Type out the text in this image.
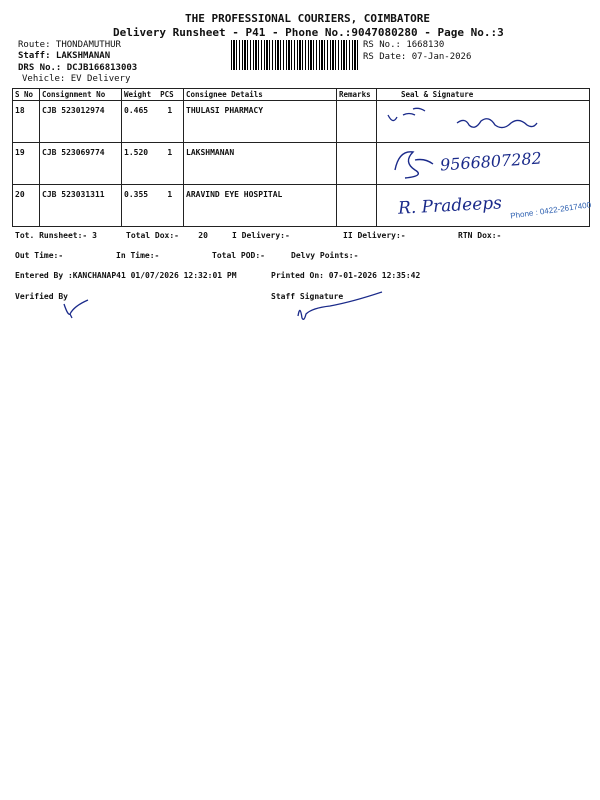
THE PROFESSIONAL COURIERS, COIMBATORE
Delivery Runsheet - P41 - Phone No.:9047080280 - Page No.:3
Route: THONDAMUTHUR
Staff: LAKSHMANAN
DRS No.: DCJB166813003
Vehicle: EV Delivery
RS No.: 1668130
RS Date: 07-Jan-2026
S No	Consignment No	Weight PCS	Consignee Details	Remarks	Seal & Signature
18	CJB 523012974	0.465 1	THULASI PHARMACY		
19	CJB 523069774	1.520 1	LAKSHMANAN		
20	CJB 523031311	0.355 1	ARAVIND EYE HOSPITAL		
9566807282
R. Pradeeps Phone : 0422-2617400
Tot. Runsheet:- 3	Total Dox:- 20	I Delivery:-	II Delivery:-	RTN Dox:-
Out Time:-	In Time:-	Total POD:-	Delvy Points:-
Entered By :KANCHANAP41 01/07/2026 12:32:01 PM	Printed On: 07-01-2026 12:35:42
Verified By	Staff Signature
